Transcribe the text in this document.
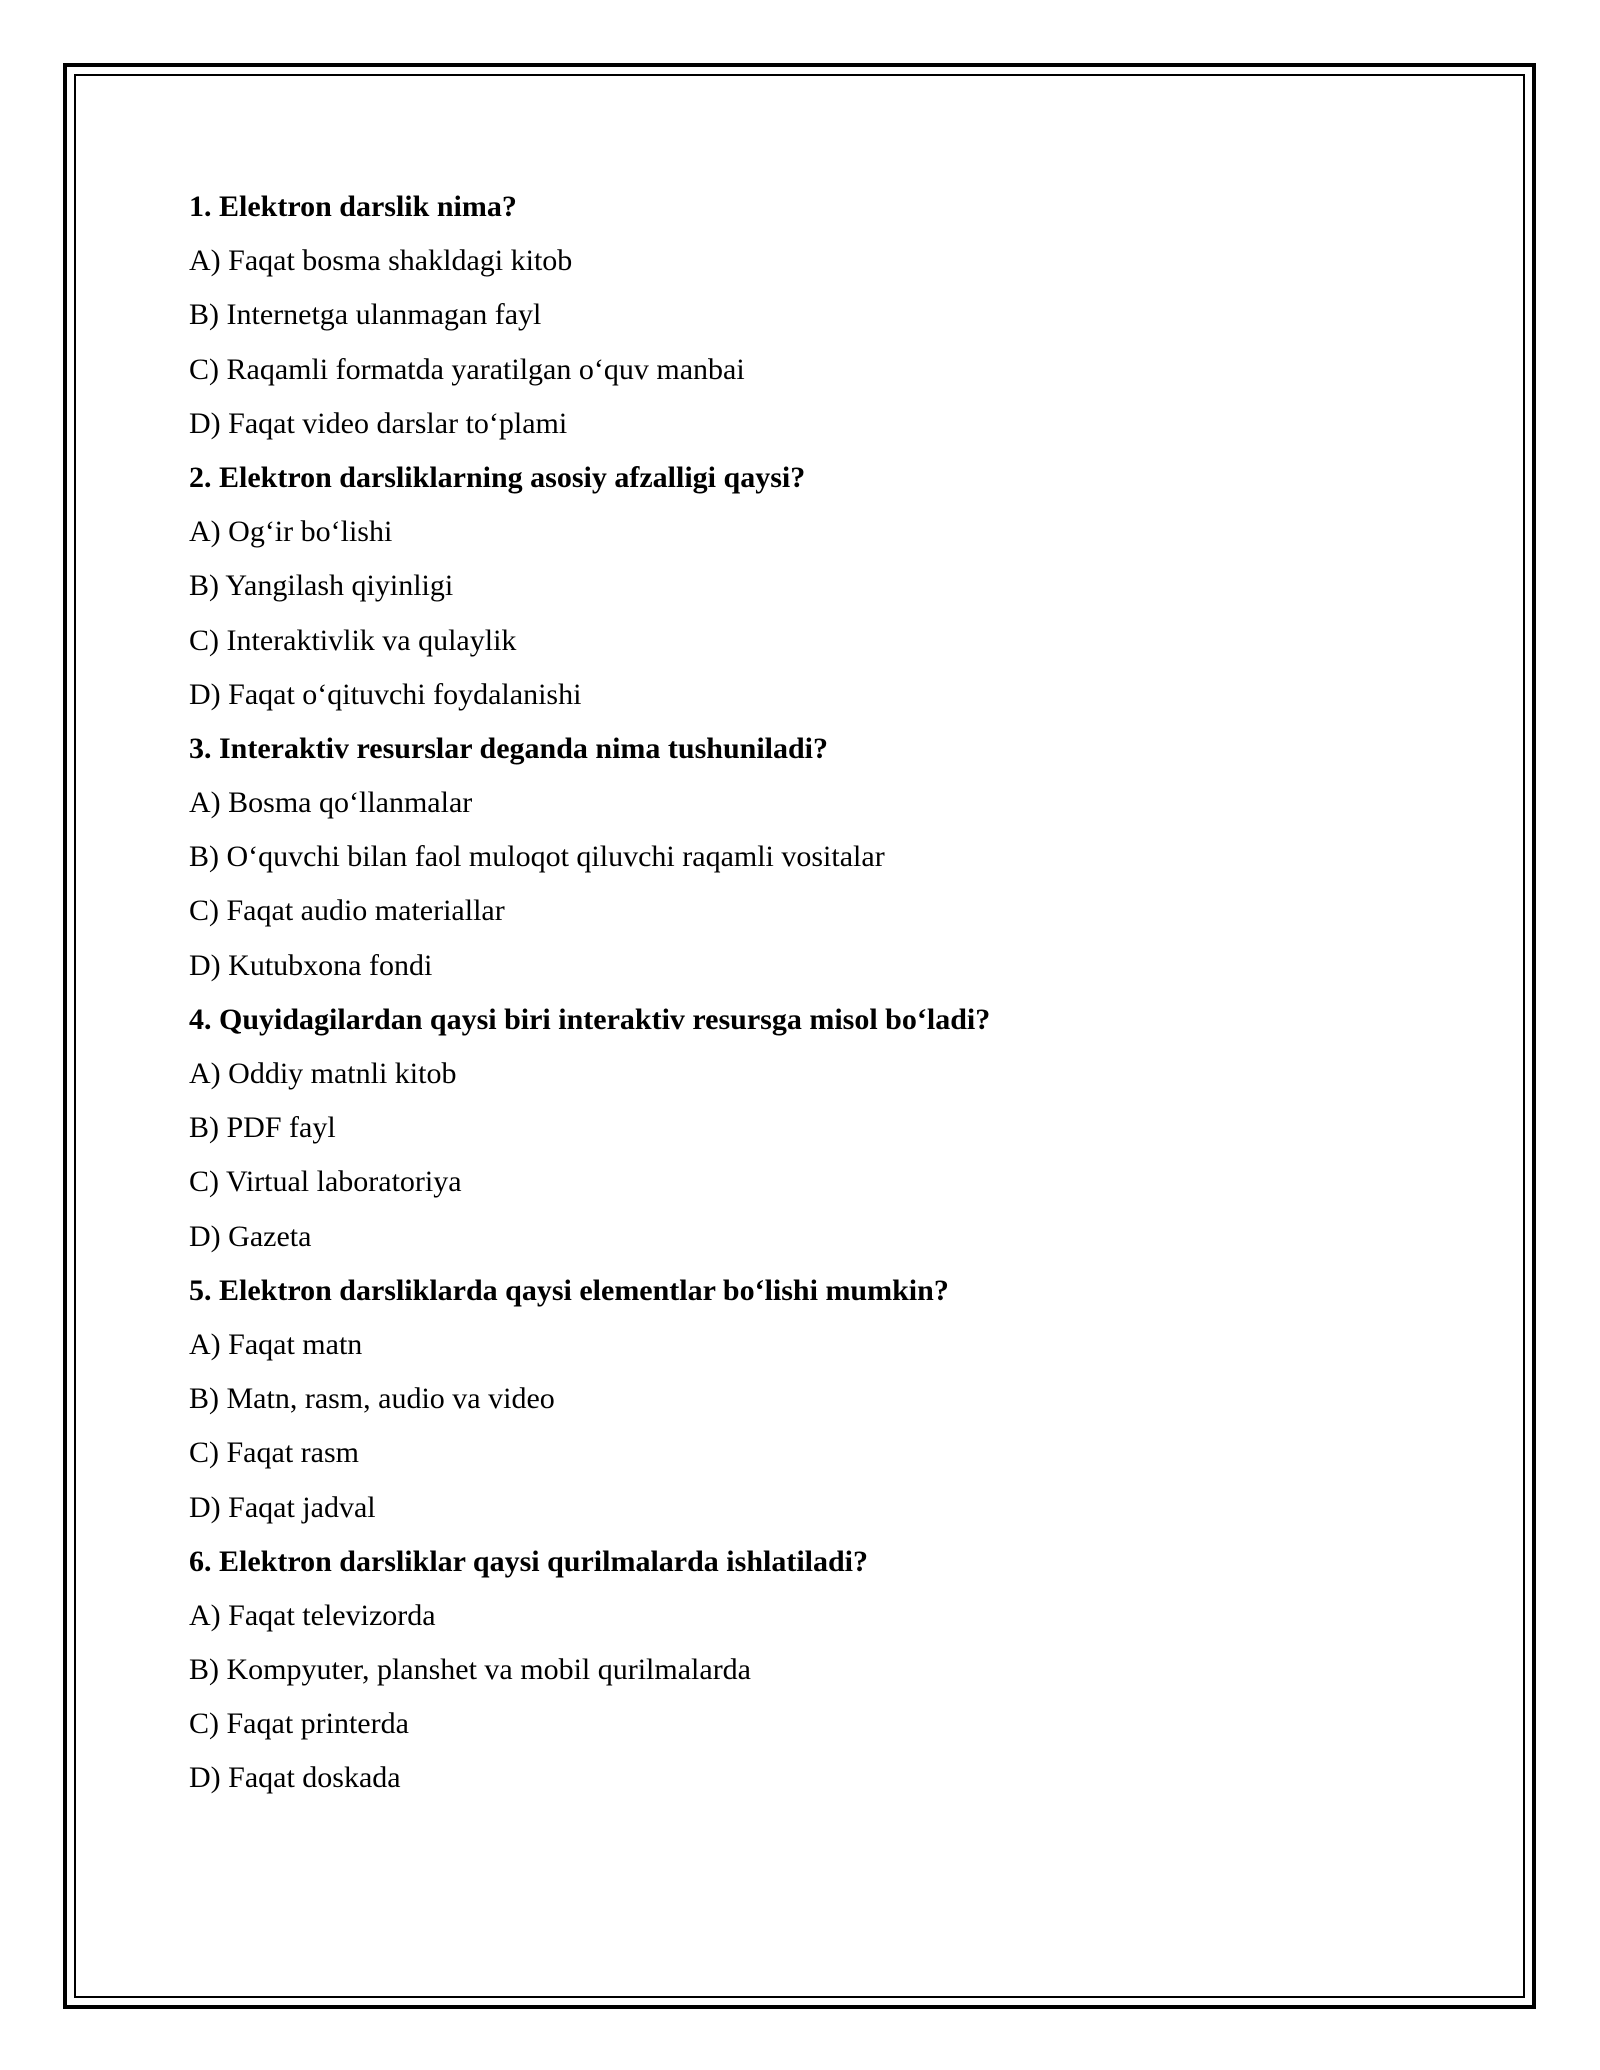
1. Elektron darslik nima?
A) Faqat bosma shakldagi kitob
B) Internetga ulanmagan fayl
C) Raqamli formatda yaratilgan o‘quv manbai
D) Faqat video darslar to‘plami
2. Elektron darsliklarning asosiy afzalligi qaysi?
A) Og‘ir bo‘lishi
B) Yangilash qiyinligi
C) Interaktivlik va qulaylik
D) Faqat o‘qituvchi foydalanishi
3. Interaktiv resurslar deganda nima tushuniladi?
A) Bosma qo‘llanmalar
B) O‘quvchi bilan faol muloqot qiluvchi raqamli vositalar
C) Faqat audio materiallar
D) Kutubxona fondi
4. Quyidagilardan qaysi biri interaktiv resursga misol bo‘ladi?
A) Oddiy matnli kitob
B) PDF fayl
C) Virtual laboratoriya
D) Gazeta
5. Elektron darsliklarda qaysi elementlar bo‘lishi mumkin?
A) Faqat matn
B) Matn, rasm, audio va video
C) Faqat rasm
D) Faqat jadval
6. Elektron darsliklar qaysi qurilmalarda ishlatiladi?
A) Faqat televizorda
B) Kompyuter, planshet va mobil qurilmalarda
C) Faqat printerda
D) Faqat doskada
